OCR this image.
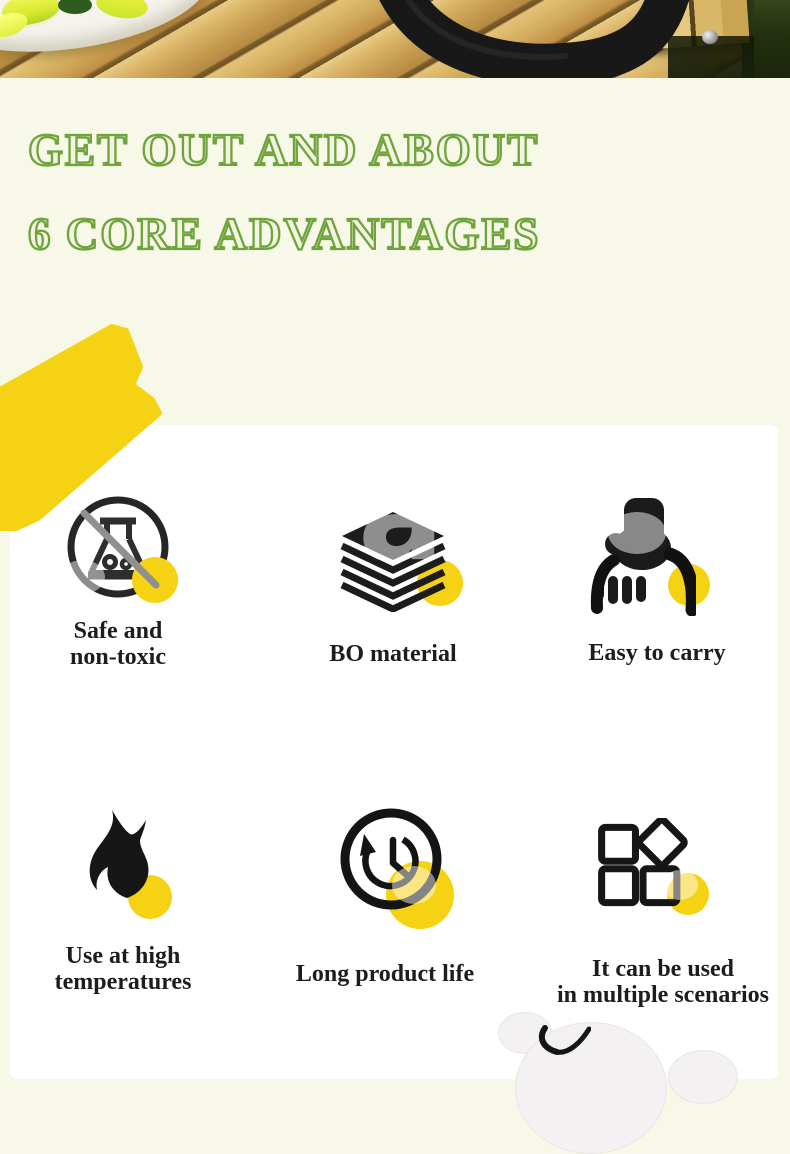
GET OUT AND ABOUT
6 CORE ADVANTAGES
Safe and
non-toxic
a
BO material	Easy to carry
Use at high
temperatures	Long product life	It can be used
in multiple scenarios
